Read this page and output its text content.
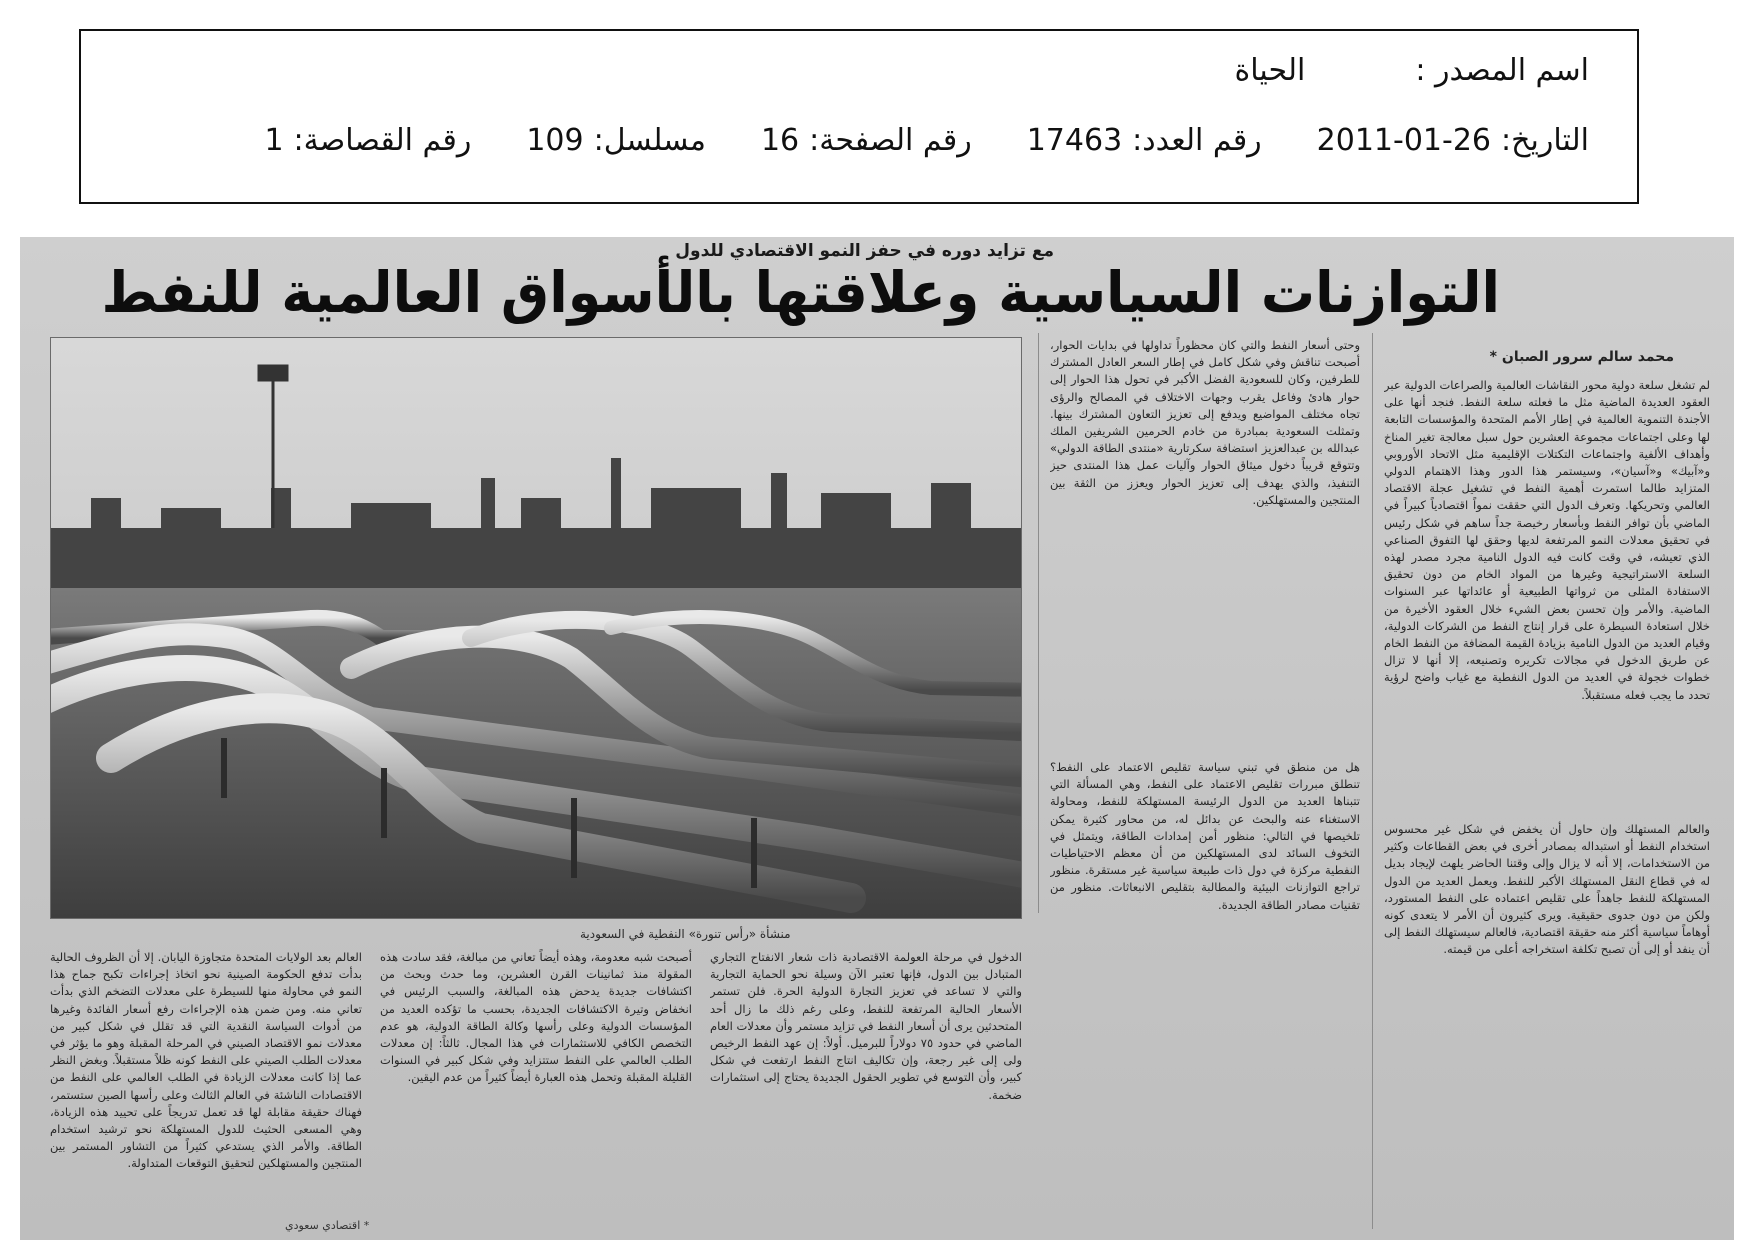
اسم المصدر :
الحياة
التاريخ:
2011-01-26
رقم العدد:
17463
رقم الصفحة:
16
مسلسل:
109
رقم القصاصة:
1
مع تزايد دوره في حفز النمو الاقتصادي للدول
التوازنات السياسية وعلاقتها بالأسواق العالمية للنفط
منشأة «رأس تنورة» النفطية في السعودية
محمد سالم سرور الصبان *

لم تشغل سلعة دولية محور النقاشات العالمية والصراعات الدولية عبر العقود العديدة الماضية مثل ما فعلته سلعة النفط. فنجد أنها على الأجندة التنموية العالمية في إطار الأمم المتحدة والمؤسسات التابعة لها وعلى اجتماعات مجموعة العشرين حول سبل معالجة تغير المناخ وأهداف الألفية واجتماعات التكتلات الإقليمية مثل الاتحاد الأوروبي و«آبيك» و«آسيان»، وسيستمر هذا الدور وهذا الاهتمام الدولي المتزايد طالما استمرت أهمية النفط في تشغيل عجلة الاقتصاد العالمي وتحريكها. وتعرف الدول التي حققت نمواً اقتصادياً كبيراً في الماضي بأن توافر النفط وبأسعار رخيصة جداً ساهم في شكل رئيس في تحقيق معدلات النمو المرتفعة لديها وحقق لها التفوق الصناعي الذي تعيشه، في وقت كانت فيه الدول النامية مجرد مصدر لهذه السلعة الاستراتيجية وغيرها من المواد الخام من دون تحقيق الاستفادة المثلى من ثرواتها الطبيعية أو عائداتها عبر السنوات الماضية. والأمر وإن تحسن بعض الشيء خلال العقود الأخيرة من خلال استعادة السيطرة على قرار إنتاج النفط من الشركات الدولية، وقيام العديد من الدول النامية بزيادة القيمة المضافة من النفط الخام عن طريق الدخول في مجالات تكريره وتصنيعه، إلا أنها لا تزال خطوات خجولة في العديد من الدول النفطية مع غياب واضح لرؤية تحدد ما يجب فعله مستقبلاً.

والعالم المستهلك وإن حاول أن يخفض في شكل غير محسوس استخدام النفط أو استبداله بمصادر أخرى في بعض القطاعات وكثير من الاستخدامات، إلا أنه لا يزال وإلى وقتنا الحاضر يلهث لإيجاد بديل له في قطاع النقل المستهلك الأكبر للنفط. ويعمل العديد من الدول المستهلكة للنفط جاهداً على تقليص اعتماده على النفط المستورد، ولكن من دون جدوى حقيقية. ويرى كثيرون أن الأمر لا يتعدى كونه أوهاماً سياسية أكثر منه حقيقة اقتصادية، فالعالم سيستهلك النفط إلى أن ينفد أو إلى أن تصبح تكلفة استخراجه أعلى من قيمته.

وحتى أسعار النفط والتي كان محظوراً تداولها في بدايات الحوار، أصبحت تناقش وفي شكل كامل في إطار السعر العادل المشترك للطرفين، وكان للسعودية الفضل الأكبر في تحول هذا الحوار إلى حوار هادئ وفاعل يقرب وجهات الاختلاف في المصالح والرؤى تجاه مختلف المواضيع ويدفع إلى تعزيز التعاون المشترك بينها. وتمثلت السعودية بمبادرة من خادم الحرمين الشريفين الملك عبدالله بن عبدالعزيز استضافة سكرتارية «منتدى الطاقة الدولي» وتتوقع قريباً دخول ميثاق الحوار وآليات عمل هذا المنتدى حيز التنفيذ، والذي يهدف إلى تعزيز الحوار ويعزز من الثقة بين المنتجين والمستهلكين.

هل من منطق في تبني سياسة تقليص الاعتماد على النفط؟ تنطلق مبررات تقليص الاعتماد على النفط، وهي المسألة التي تتبناها العديد من الدول الرئيسة المستهلكة للنفط، ومحاولة الاستغناء عنه والبحث عن بدائل له، من محاور كثيرة يمكن تلخيصها في التالي: منظور أمن إمدادات الطاقة، ويتمثل في التخوف السائد لدى المستهلكين من أن معظم الاحتياطيات النفطية مركزة في دول ذات طبيعة سياسية غير مستقرة. منظور تراجع التوازنات البيئية والمطالبة بتقليص الانبعاثات. منظور من تقنيات مصادر الطاقة الجديدة.

الدخول في مرحلة العولمة الاقتصادية ذات شعار الانفتاح التجاري المتبادل بين الدول، فإنها تعتبر الآن وسيلة نحو الحماية التجارية والتي لا تساعد في تعزيز التجارة الدولية الحرة. فلن تستمر الأسعار الحالية المرتفعة للنفط، وعلى رغم ذلك ما زال أحد المتحدثين يرى أن أسعار النفط في تزايد مستمر وأن معدلات العام الماضي في حدود ٧٥ دولاراً للبرميل. أولاً: إن عهد النفط الرخيص ولى إلى غير رجعة، وإن تكاليف انتاج النفط ارتفعت في شكل كبير، وأن التوسع في تطوير الحقول الجديدة يحتاج إلى استثمارات ضخمة.

أصبحت شبه معدومة، وهذه أيضاً تعاني من مبالغة، فقد سادت هذه المقولة منذ ثمانينات القرن العشرين، وما حدث وبحث من اكتشافات جديدة يدحض هذه المبالغة، والسبب الرئيس في انخفاض وتيرة الاكتشافات الجديدة، بحسب ما تؤكده العديد من المؤسسات الدولية وعلى رأسها وكالة الطاقة الدولية، هو عدم التخصص الكافي للاستثمارات في هذا المجال. ثالثاً: إن معدلات الطلب العالمي على النفط ستتزايد وفي شكل كبير في السنوات القليلة المقبلة وتحمل هذه العبارة أيضاً كثيراً من عدم اليقين.

العالم بعد الولايات المتحدة متجاوزة اليابان. إلا أن الظروف الحالية بدأت تدفع الحكومة الصينية نحو اتخاذ إجراءات تكبح جماح هذا النمو في محاولة منها للسيطرة على معدلات التضخم الذي بدأت تعاني منه. ومن ضمن هذه الإجراءات رفع أسعار الفائدة وغيرها من أدوات السياسة النقدية التي قد تقلل في شكل كبير من معدلات نمو الاقتصاد الصيني في المرحلة المقبلة وهو ما يؤثر في معدلات الطلب الصيني على النفط كونه ظلاً مستقبلاً. وبغض النظر عما إذا كانت معدلات الزيادة في الطلب العالمي على النفط من الاقتصادات الناشئة في العالم الثالث وعلى رأسها الصين ستستمر، فهناك حقيقة مقابلة لها قد تعمل تدريجاً على تحييد هذه الزيادة، وهي المسعى الحثيث للدول المستهلكة نحو ترشيد استخدام الطاقة. والأمر الذي يستدعي كثيراً من التشاور المستمر بين المنتجين والمستهلكين لتحقيق التوقعات المتداولة.

* اقتصادي سعودي
